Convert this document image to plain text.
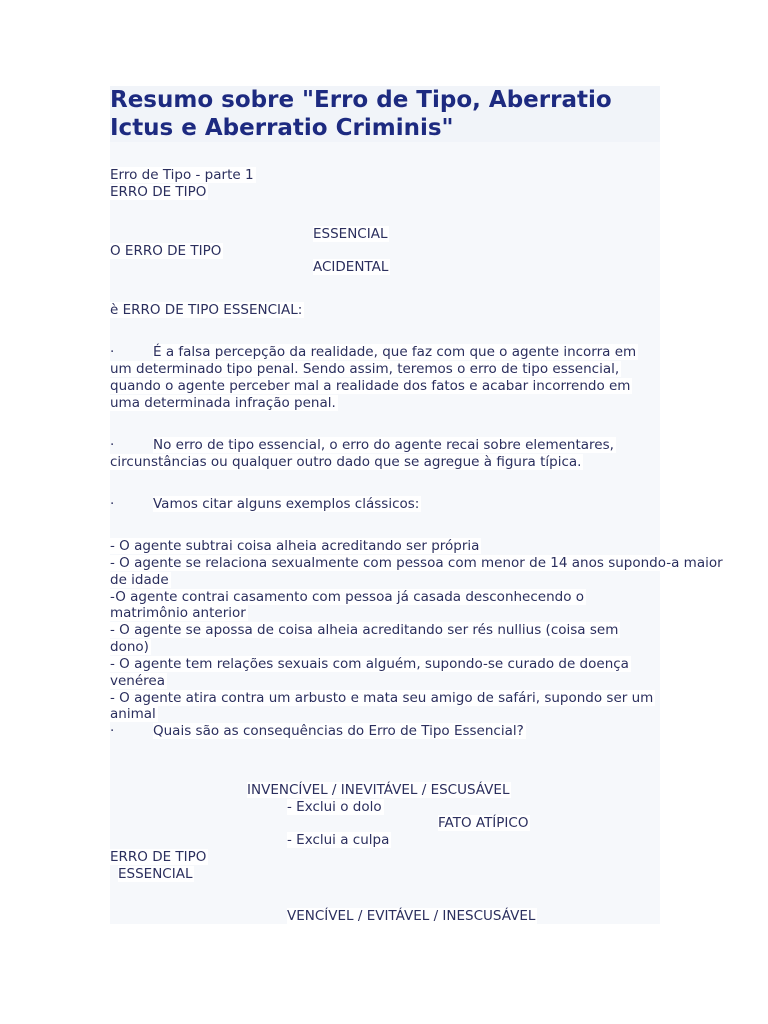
Resumo sobre "Erro de Tipo, Aberratio
Ictus e Aberratio Criminis"
Erro de Tipo - parte 1
ERRO DE TIPO
ESSENCIAL
O ERRO DE TIPO
ACIDENTAL
è ERRO DE TIPO ESSENCIAL:
·	É a falsa percepção da realidade, que faz com que o agente incorra em
um determinado tipo penal. Sendo assim, teremos o erro de tipo essencial,
quando o agente perceber mal a realidade dos fatos e acabar incorrendo em
uma determinada infração penal.
·	No erro de tipo essencial, o erro do agente recai sobre elementares,
circunstâncias ou qualquer outro dado que se agregue à figura típica.
·	Vamos citar alguns exemplos clássicos:
- O agente subtrai coisa alheia acreditando ser própria
- O agente se relaciona sexualmente com pessoa com menor de 14 anos supondo-a maior
de idade
-O agente contrai casamento com pessoa já casada desconhecendo o
matrimônio anterior
- O agente se apossa de coisa alheia acreditando ser rés nullius (coisa sem
dono)
- O agente tem relações sexuais com alguém, supondo-se curado de doença
venérea
- O agente atira contra um arbusto e mata seu amigo de safári, supondo ser um
animal
·	Quais são as consequências do Erro de Tipo Essencial?
INVENCÍVEL / INEVITÁVEL / ESCUSÁVEL
- Exclui o dolo
FATO ATÍPICO
- Exclui a culpa
ERRO DE TIPO
ESSENCIAL
VENCÍVEL / EVITÁVEL / INESCUSÁVEL
